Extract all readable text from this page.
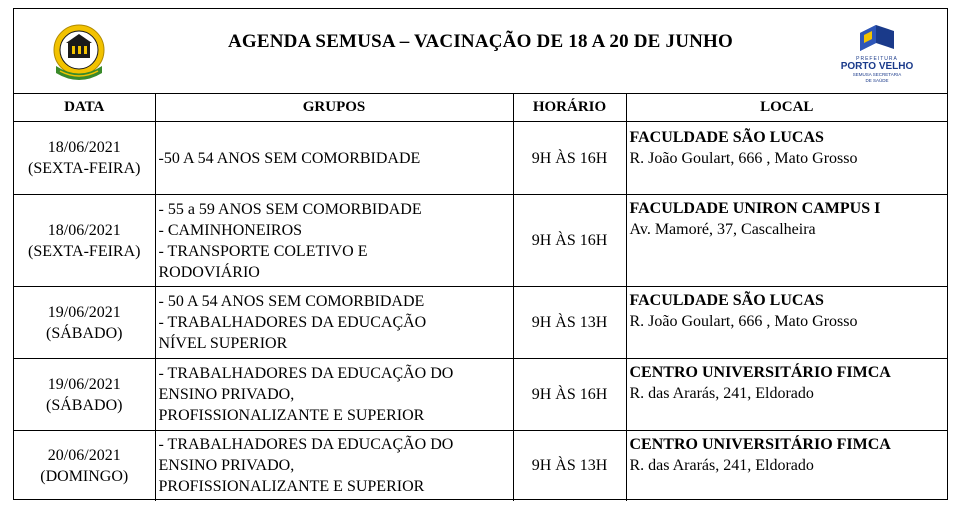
AGENDA SEMUSA – VACINAÇÃO DE 18 A 20 DE JUNHO
PREFEITURA
PORTO VELHO
SEMUSA SECRETARIA
DE SAÚDE
DATA	GRUPOS	HORÁRIO	LOCAL

18/06/2021
(SEXTA-FEIRA)	-50 A 54 ANOS SEM COMORBIDADE	9H ÀS 16H	FACULDADE SÃO LUCAS
R. João Goulart, 666 , Mato Grosso

18/06/2021
(SEXTA-FEIRA)	- 55 a 59 ANOS SEM COMORBIDADE
- CAMINHONEIROS
- TRANSPORTE COLETIVO E
RODOVIÁRIO	9H ÀS 16H	FACULDADE UNIRON CAMPUS I
Av. Mamoré, 37, Cascalheira

19/06/2021
(SÁBADO)	- 50 A 54 ANOS SEM COMORBIDADE
- TRABALHADORES DA EDUCAÇÃO
NÍVEL SUPERIOR	9H ÀS 13H	FACULDADE SÃO LUCAS
R. João Goulart, 666 , Mato Grosso

19/06/2021
(SÁBADO)	- TRABALHADORES DA EDUCAÇÃO DO
ENSINO PRIVADO,
PROFISSIONALIZANTE E SUPERIOR	9H ÀS 16H	CENTRO UNIVERSITÁRIO FIMCA
R. das Ararás, 241, Eldorado

20/06/2021
(DOMINGO)	- TRABALHADORES DA EDUCAÇÃO DO
ENSINO PRIVADO,
PROFISSIONALIZANTE E SUPERIOR	9H ÀS 13H	CENTRO UNIVERSITÁRIO FIMCA
R. das Ararás, 241, Eldorado
